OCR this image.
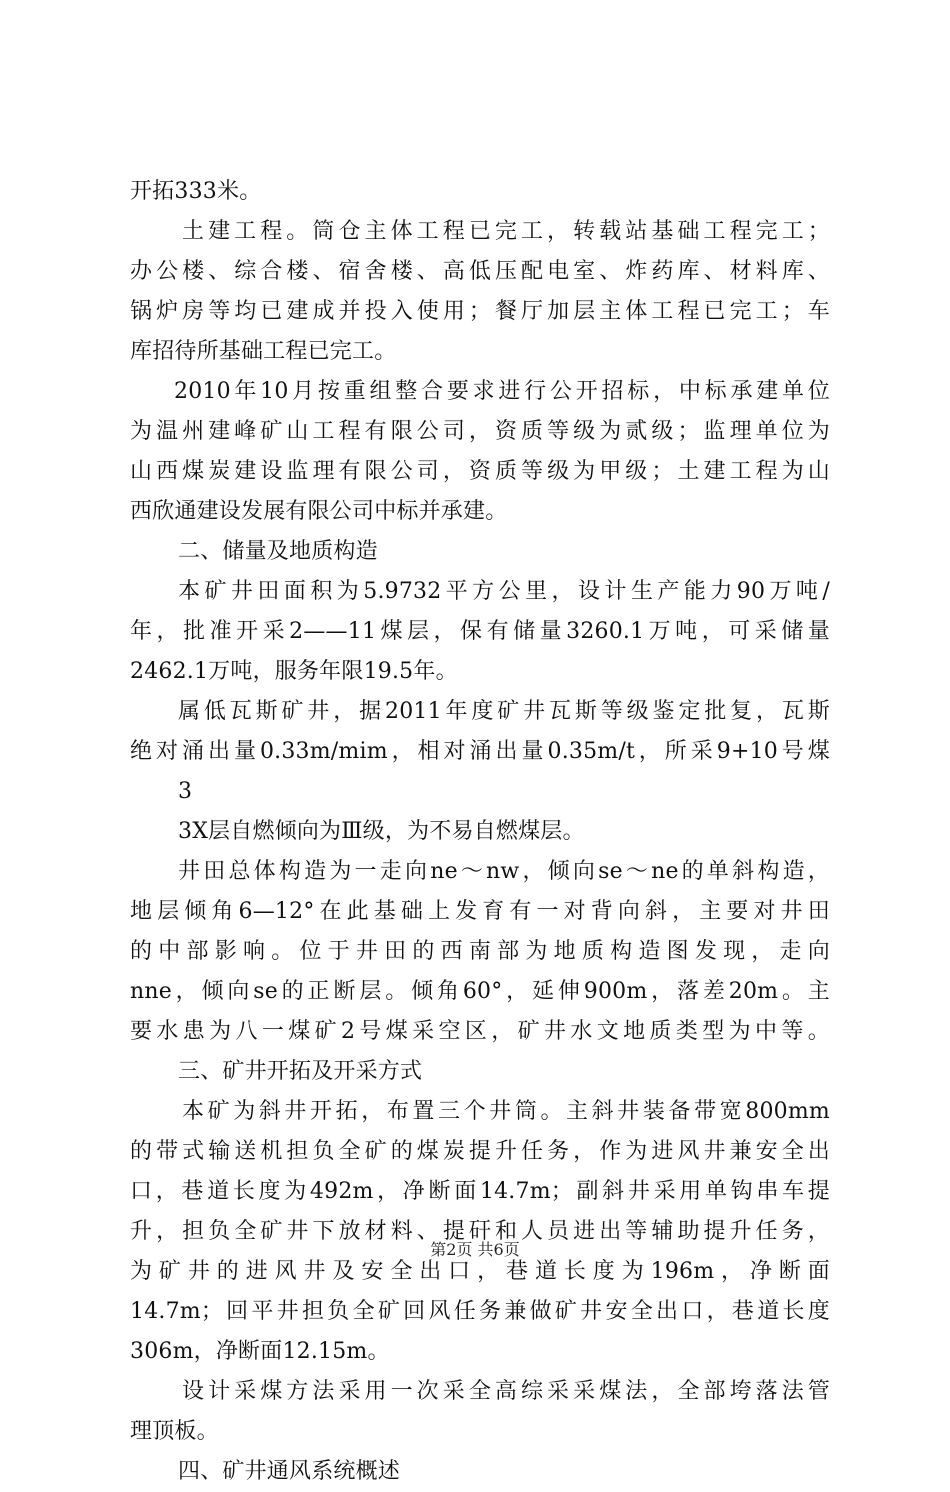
开拓333米。
土建工程。筒仓主体工程已完工，转载站基础工程完工；
办公楼、综合楼、宿舍楼、高低压配电室、炸药库、材料库、
锅炉房等均已建成并投入使用；餐厅加层主体工程已完工；车
库招待所基础工程已完工。
2010年10月按重组整合要求进行公开招标，中标承建单位
为温州建峰矿山工程有限公司，资质等级为贰级；监理单位为
山西煤炭建设监理有限公司，资质等级为甲级；土建工程为山
西欣通建设发展有限公司中标并承建。
二、储量及地质构造
本矿井田面积为5.9732平方公里，设计生产能力90万吨/
年，批准开采2——11煤层，保有储量3260.1万吨，可采储量
2462.1万吨，服务年限19.5年。
属低瓦斯矿井，据2011年度矿井瓦斯等级鉴定批复，瓦斯
绝对涌出量0.33m/mim，相对涌出量0.35m/t，所采9+10号煤
3
3X层自燃倾向为Ⅲ级，为不易自燃煤层。
井田总体构造为一走向ne～nw，倾向se～ne的单斜构造，
地层倾角6—12°在此基础上发育有一对背向斜，主要对井田
的中部影响。位于井田的西南部为地质构造图发现，走向
nne，倾向se的正断层。倾角60°，延伸900m，落差20m。主
要水患为八一煤矿2号煤采空区，矿井水文地质类型为中等。
三、矿井开拓及开采方式
本矿为斜井开拓，布置三个井筒。主斜井装备带宽800mm
的带式输送机担负全矿的煤炭提升任务，作为进风井兼安全出
口，巷道长度为492m，净断面14.7m；副斜井采用单钩串车提
升，担负全矿井下放材料、提矸和人员进出等辅助提升任务，
为矿井的进风井及安全出口，巷道长度为196m，净断面
14.7m；回平井担负全矿回风任务兼做矿井安全出口，巷道长度
306m，净断面12.15m。
设计采煤方法采用一次采全高综采采煤法，全部垮落法管
理顶板。
四、矿井通风系统概述
第2页 共6页
